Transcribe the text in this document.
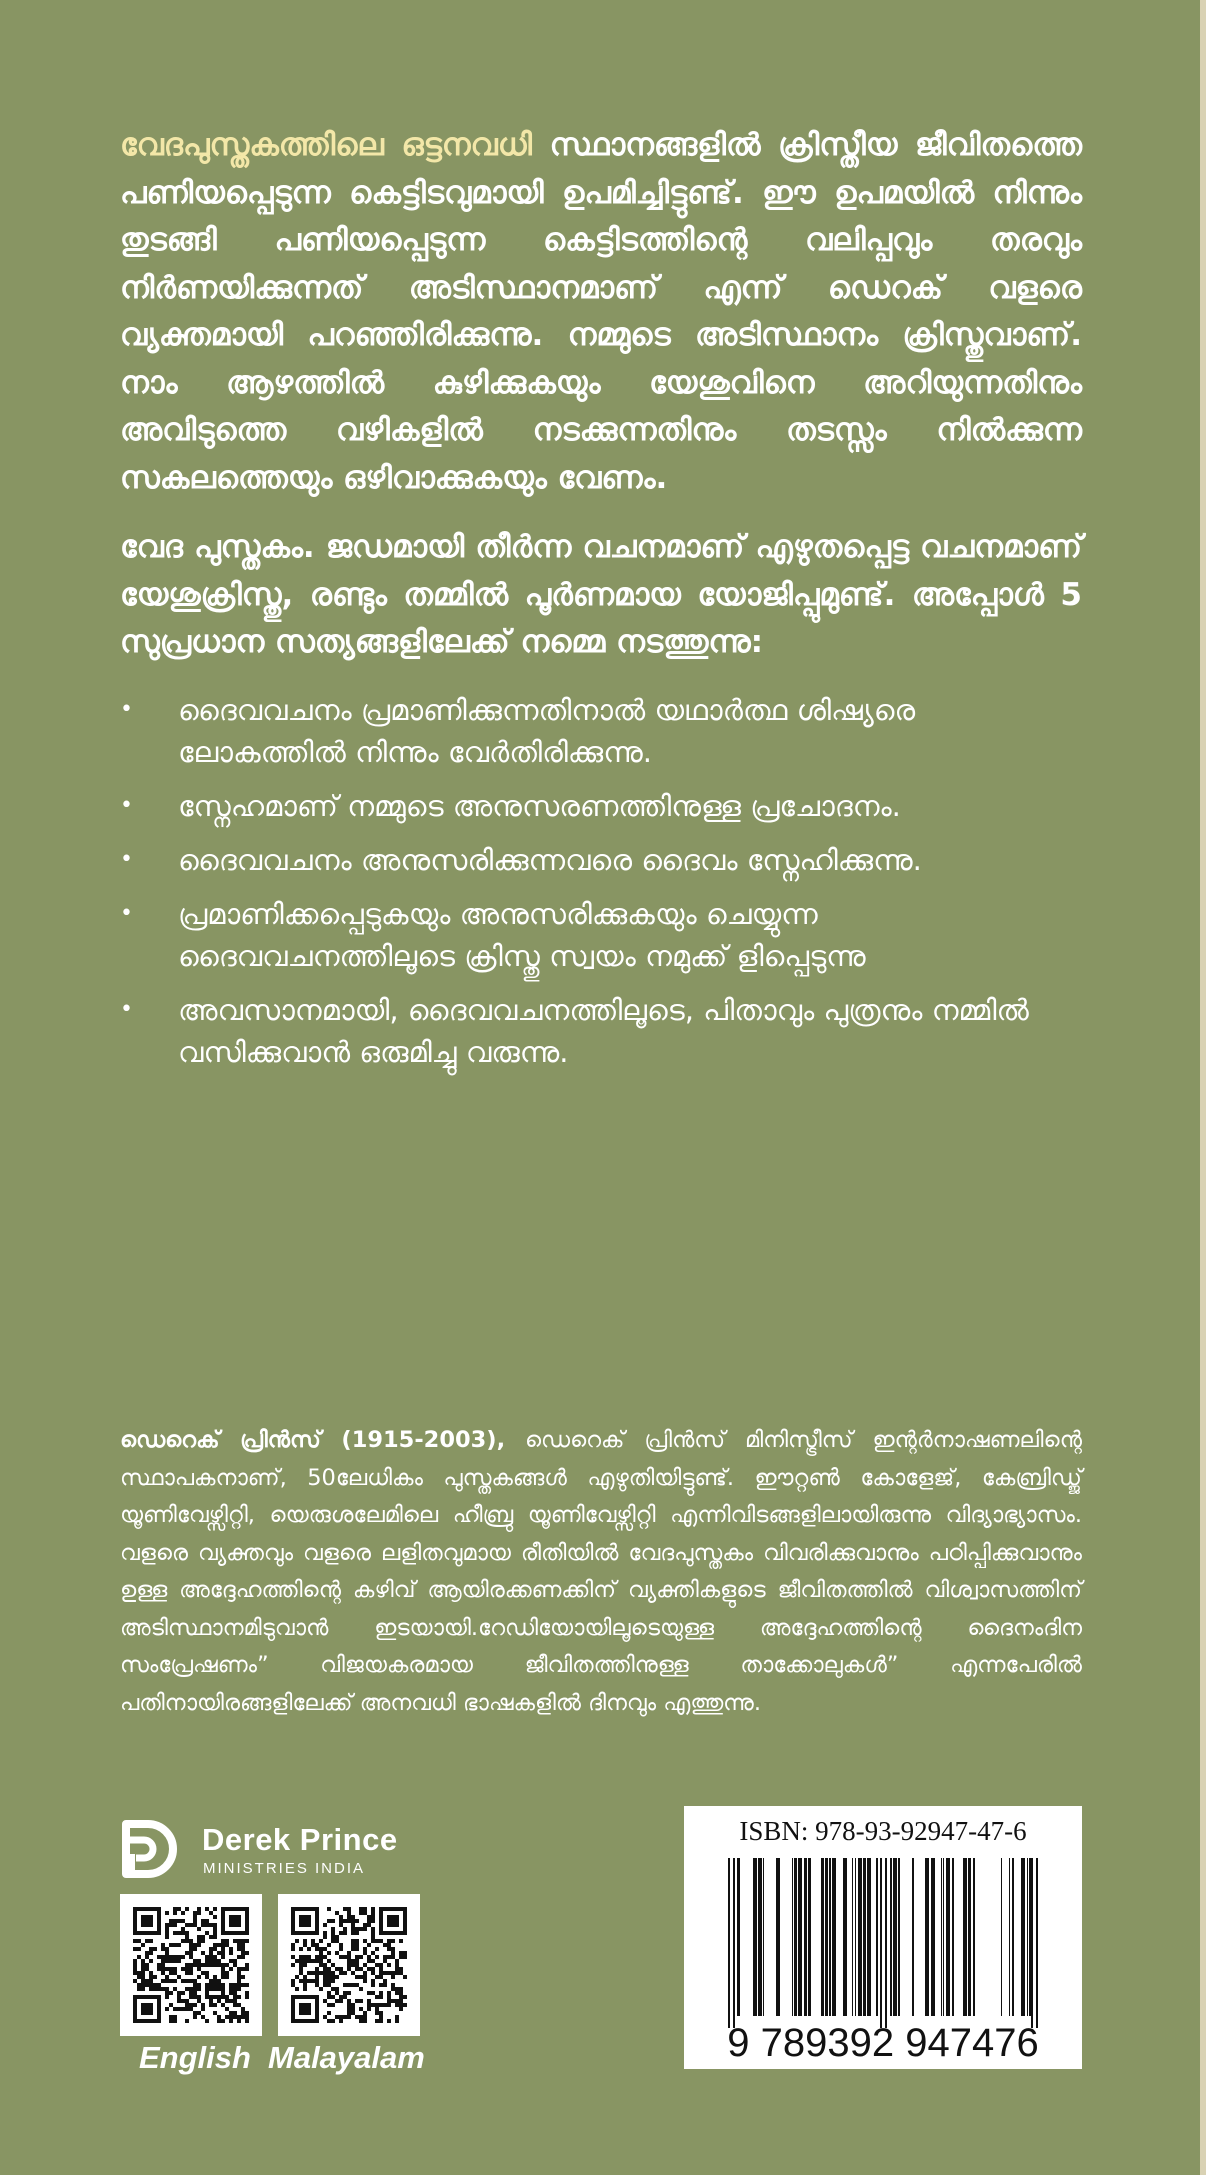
വേദപുസ്തകത്തിലെ ഒട്ടനവധി സ്ഥാനങ്ങളിൽ ക്രിസ്തീയ ജീവിതത്തെ പണിയപ്പെടുന്ന കെട്ടിടവുമായി ഉപമിച്ചിട്ടുണ്ട്. ഈ ഉപമയിൽ നിന്നും തുടങ്ങി പണിയപ്പെടുന്ന കെട്ടിടത്തിന്റെ വലിപ്പവും തരവും നിർണയിക്കുന്നത് അടിസ്ഥാനമാണ് എന്ന് ഡെറക് വളരെ വ്യക്തമായി പറഞ്ഞിരിക്കുന്നു. നമ്മുടെ അടിസ്ഥാനം ക്രിസ്തുവാണ്. നാം ആഴത്തിൽ കുഴിക്കുകയും യേശുവിനെ അറിയുന്നതിനും അവിടുത്തെ വഴികളിൽ നടക്കുന്നതിനും തടസ്സം നിൽക്കുന്ന സകലത്തെയും ഒഴിവാക്കുകയും വേണം.

വേദ പുസ്തകം. ജഡമായി തീർന്ന വചനമാണ് എഴുതപ്പെട്ട വചനമാണ് യേശുക്രിസ്തു, രണ്ടും തമ്മിൽ പൂർണമായ യോജിപ്പുമുണ്ട്. അപ്പോൾ 5 സുപ്രധാന സത്യങ്ങളിലേക്ക് നമ്മെ നടത്തുന്നു:

• ദൈവവചനം പ്രമാണിക്കുന്നതിനാൽ യഥാർത്ഥ ശിഷ്യരെ ലോകത്തിൽ നിന്നും വേർതിരിക്കുന്നു.
• സ്നേഹമാണ് നമ്മുടെ അനുസരണത്തിനുള്ള പ്രചോദനം.
• ദൈവവചനം അനുസരിക്കുന്നവരെ ദൈവം സ്നേഹിക്കുന്നു.
• പ്രമാണിക്കപ്പെടുകയും അനുസരിക്കുകയും ചെയ്യുന്ന ദൈവവചനത്തിലൂടെ ക്രിസ്തു സ്വയം നമുക്ക് ളിപ്പെടുന്നു
• അവസാനമായി, ദൈവവചനത്തിലൂടെ, പിതാവും പുത്രനും നമ്മിൽ വസിക്കുവാൻ ഒരുമിച്ചു വരുന്നു.

ഡെറെക് പ്രിൻസ് (1915-2003), ഡെറെക് പ്രിൻസ് മിനിസ്ട്രീസ് ഇന്റർനാഷണലിന്റെ സ്ഥാപകനാണ്, 50ലേധികം പുസ്തകങ്ങൾ എഴുതിയിട്ടുണ്ട്. ഈറ്റൺ കോളേജ്, കേബ്രിഡ്ജ് യൂണിവേഴ്സിറ്റി, യെരുശലേമിലെ ഹീബ്രു യൂണിവേഴ്സിറ്റി എന്നിവിടങ്ങളിലായിരുന്നു വിദ്യാഭ്യാസം. വളരെ വ്യക്തവും വളരെ ലളിതവുമായ രീതിയിൽ വേദപുസ്തകം വിവരിക്കുവാനും പഠിപ്പിക്കുവാനും ഉള്ള അദ്ദേഹത്തിന്റെ കഴിവ് ആയിരക്കണക്കിന് വ്യക്തികളുടെ ജീവിതത്തിൽ വിശ്വാസത്തിന് അടിസ്ഥാനമിടുവാൻ ഇടയായി.റേഡിയോയിലൂടെയുള്ള അദ്ദേഹത്തിന്റെ ദൈനംദിന സംപ്രേഷണം” വിജയകരമായ ജീവിതത്തിനുള്ള താക്കോലുകൾ” എന്നപേരിൽ പതിനായിരങ്ങളിലേക്ക് അനവധി ഭാഷകളിൽ ദിനവും എത്തുന്നു.

Derek Prince
MINISTRIES INDIA
English Malayalam
ISBN: 978-93-92947-47-6
9 789392 947476
